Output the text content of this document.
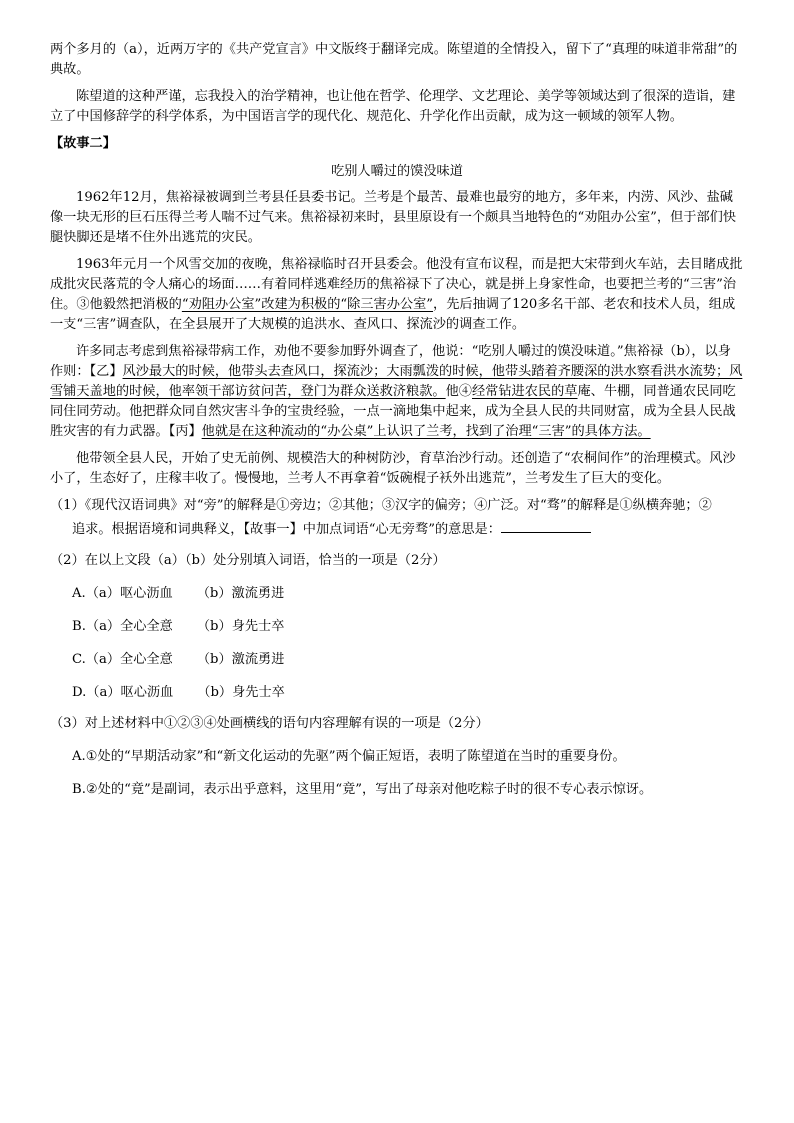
两个多月的（a），近两万字的《共产党宣言》中文版终于翻译完成。陈望道的全情投入，留下了“真理的味道非常甜”的典故。

陈望道的这种严谨，忘我投入的治学精神，也让他在哲学、伦理学、文艺理论、美学等领域达到了很深的造诣，建立了中国修辞学的科学体系，为中国语言学的现代化、规范化、升学化作出贡献，成为这一顿域的领军人物。

【故事二】

吃别人嚼过的馍没味道

1962年12月，焦裕禄被调到兰考县任县委书记。兰考是个最苦、最难也最穷的地方，多年来，内涝、风沙、盐碱像一块无形的巨石压得兰考人喘不过气来。焦裕禄初来时，县里原设有一个颇具当地特色的“劝阻办公室”，但于部们快腿快脚还是堵不住外出逃荒的灾民。

1963年元月一个风雪交加的夜晚，焦裕禄临时召开县委会。他没有宣布议程，而是把大宋带到火车站，去目睹成批成批灾民落荒的令人痛心的场面……有着同样逃难经历的焦裕禄下了决心，就是拼上身家性命，也要把兰考的“三害”治住。③他毅然把消极的“劝阻办公室”改建为积极的“除三害办公室”，先后抽调了120多名干部、老农和技术人员，组成一支“三害”调查队，在全县展开了大规模的追洪水、查风口、探流沙的调查工作。

许多同志考虑到焦裕禄带病工作，劝他不要参加野外调查了，他说：“吃别人嚼过的馍没味道。”焦裕禄（b），以身作则：【乙】风沙最大的时候，他带头去查风口，探流沙；大雨瓢泼的时候，他带头踏着齐腰深的洪水察看洪水流势；风雪铺天盖地的时候，他率领干部访贫问苦，登门为群众送救济粮款。他④经常钻进农民的草庵、牛棚，同普通农民同吃同住同劳动。他把群众同自然灾害斗争的宝贵经验，一点一滴地集中起来，成为全县人民的共同财富，成为全县人民战胜灾害的有力武器。【丙】他就是在这种流动的“办公桌”上认识了兰考，找到了治理“三害”的具体方法。

他带领全县人民，开始了史无前例、规模浩大的种树防沙，育草治沙行动。还创造了“农桐间作”的治理模式。风沙小了，生态好了，庄稼丰收了。慢慢地，兰考人不再拿着“饭碗棍子袄外出逃荒”，兰考发生了巨大的变化。

（1）《现代汉语词典》对“旁”的解释是①旁边；②其他；③汉字的偏旁；④广泛。对“骛”的解释是①纵横奔驰；②

追求。根据语境和词典释义，【故事一】中加点词语“心无旁骛”的意思是：

（2）在以上文段（a）（b）处分别填入词语，恰当的一项是（2分）

A.（a）呕心沥血 （b）激流勇进

B.（a）全心全意 （b）身先士卒

C.（a）全心全意 （b）激流勇进

D.（a）呕心沥血 （b）身先士卒

（3）对上述材料中①②③④处画横线的语句内容理解有误的一项是（2分）

A.①处的“早期活动家”和“新文化运动的先驱”两个偏正短语，表明了陈望道在当时的重要身份。

B.②处的“竟”是副词，表示出乎意料，这里用“竟”，写出了母亲对他吃粽子时的很不专心表示惊讶。
